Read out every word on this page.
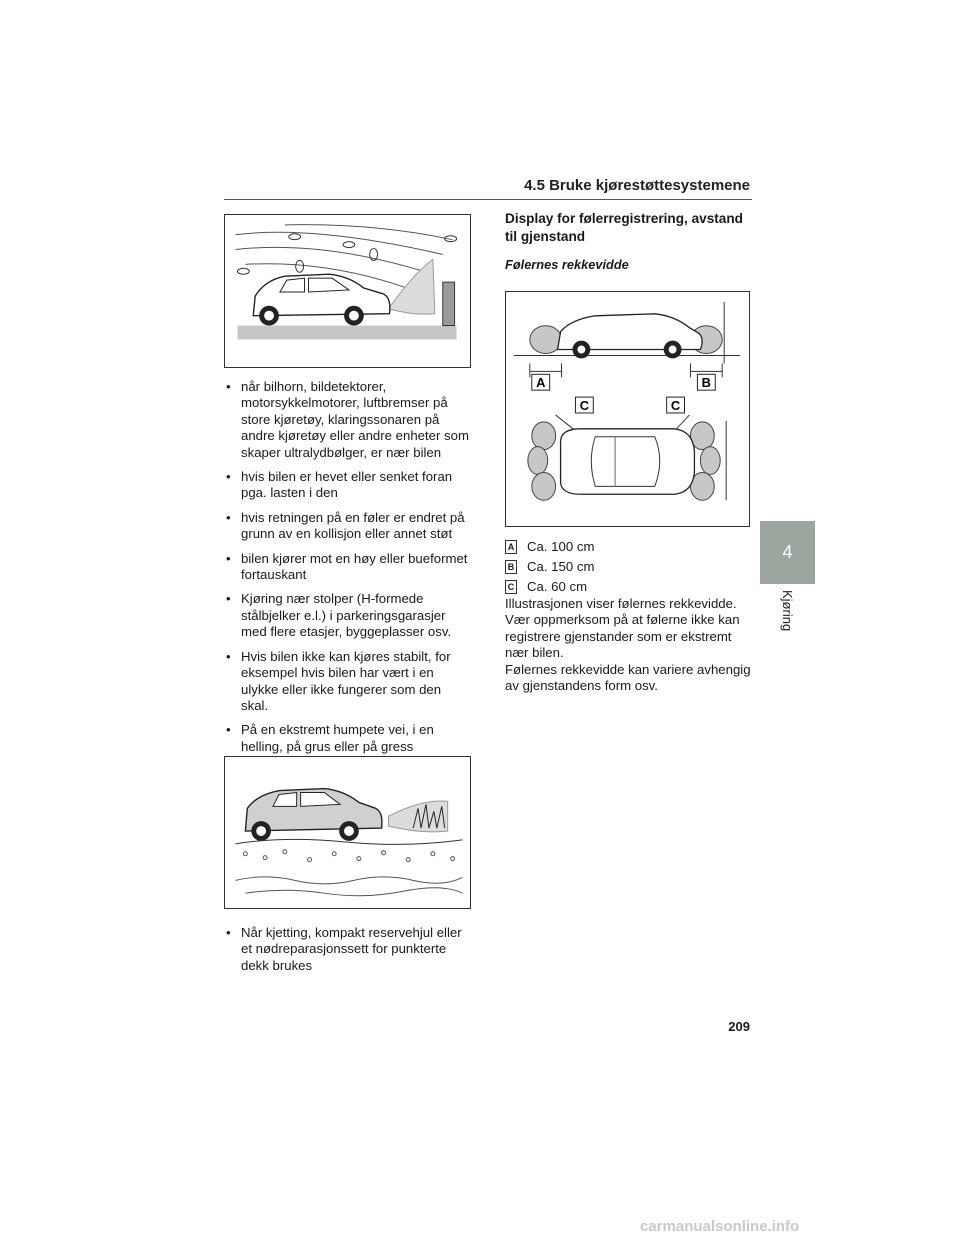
4.5 Bruke kjørestøttesystemene
• når bilhorn, bildetektorer, motorsykkelmotorer, luftbremser på store kjøretøy, klaringssonaren på andre kjøretøy eller andre enheter som skaper ultralydbølger, er nær bilen
• hvis bilen er hevet eller senket foran pga. lasten i den
• hvis retningen på en føler er endret på grunn av en kollisjon eller annet støt
• bilen kjører mot en høy eller bueformet fortauskant
• Kjøring nær stolper (H-formede stålbjelker e.l.) i parkeringsgarasjer med flere etasjer, byggeplasser osv.
• Hvis bilen ikke kan kjøres stabilt, for eksempel hvis bilen har vært i en ulykke eller ikke fungerer som den skal.
• På en ekstremt humpete vei, i en helling, på grus eller på gress
• Når kjetting, kompakt reservehjul eller et nødreparasjonssett for punkterte dekk brukes
Display for følerregistrering, avstand til gjenstand
Følernes rekkevidde
A	B
C	C
A Ca. 100 cm
B Ca. 150 cm
C Ca. 60 cm

Illustrasjonen viser følernes rekkevidde. Vær oppmerksom på at følerne ikke kan registrere gjenstander som er ekstremt nær bilen.

Følernes rekkevidde kan variere avhengig av gjenstandens form osv.

4
Kjøring
209
carmanualsonline.info
